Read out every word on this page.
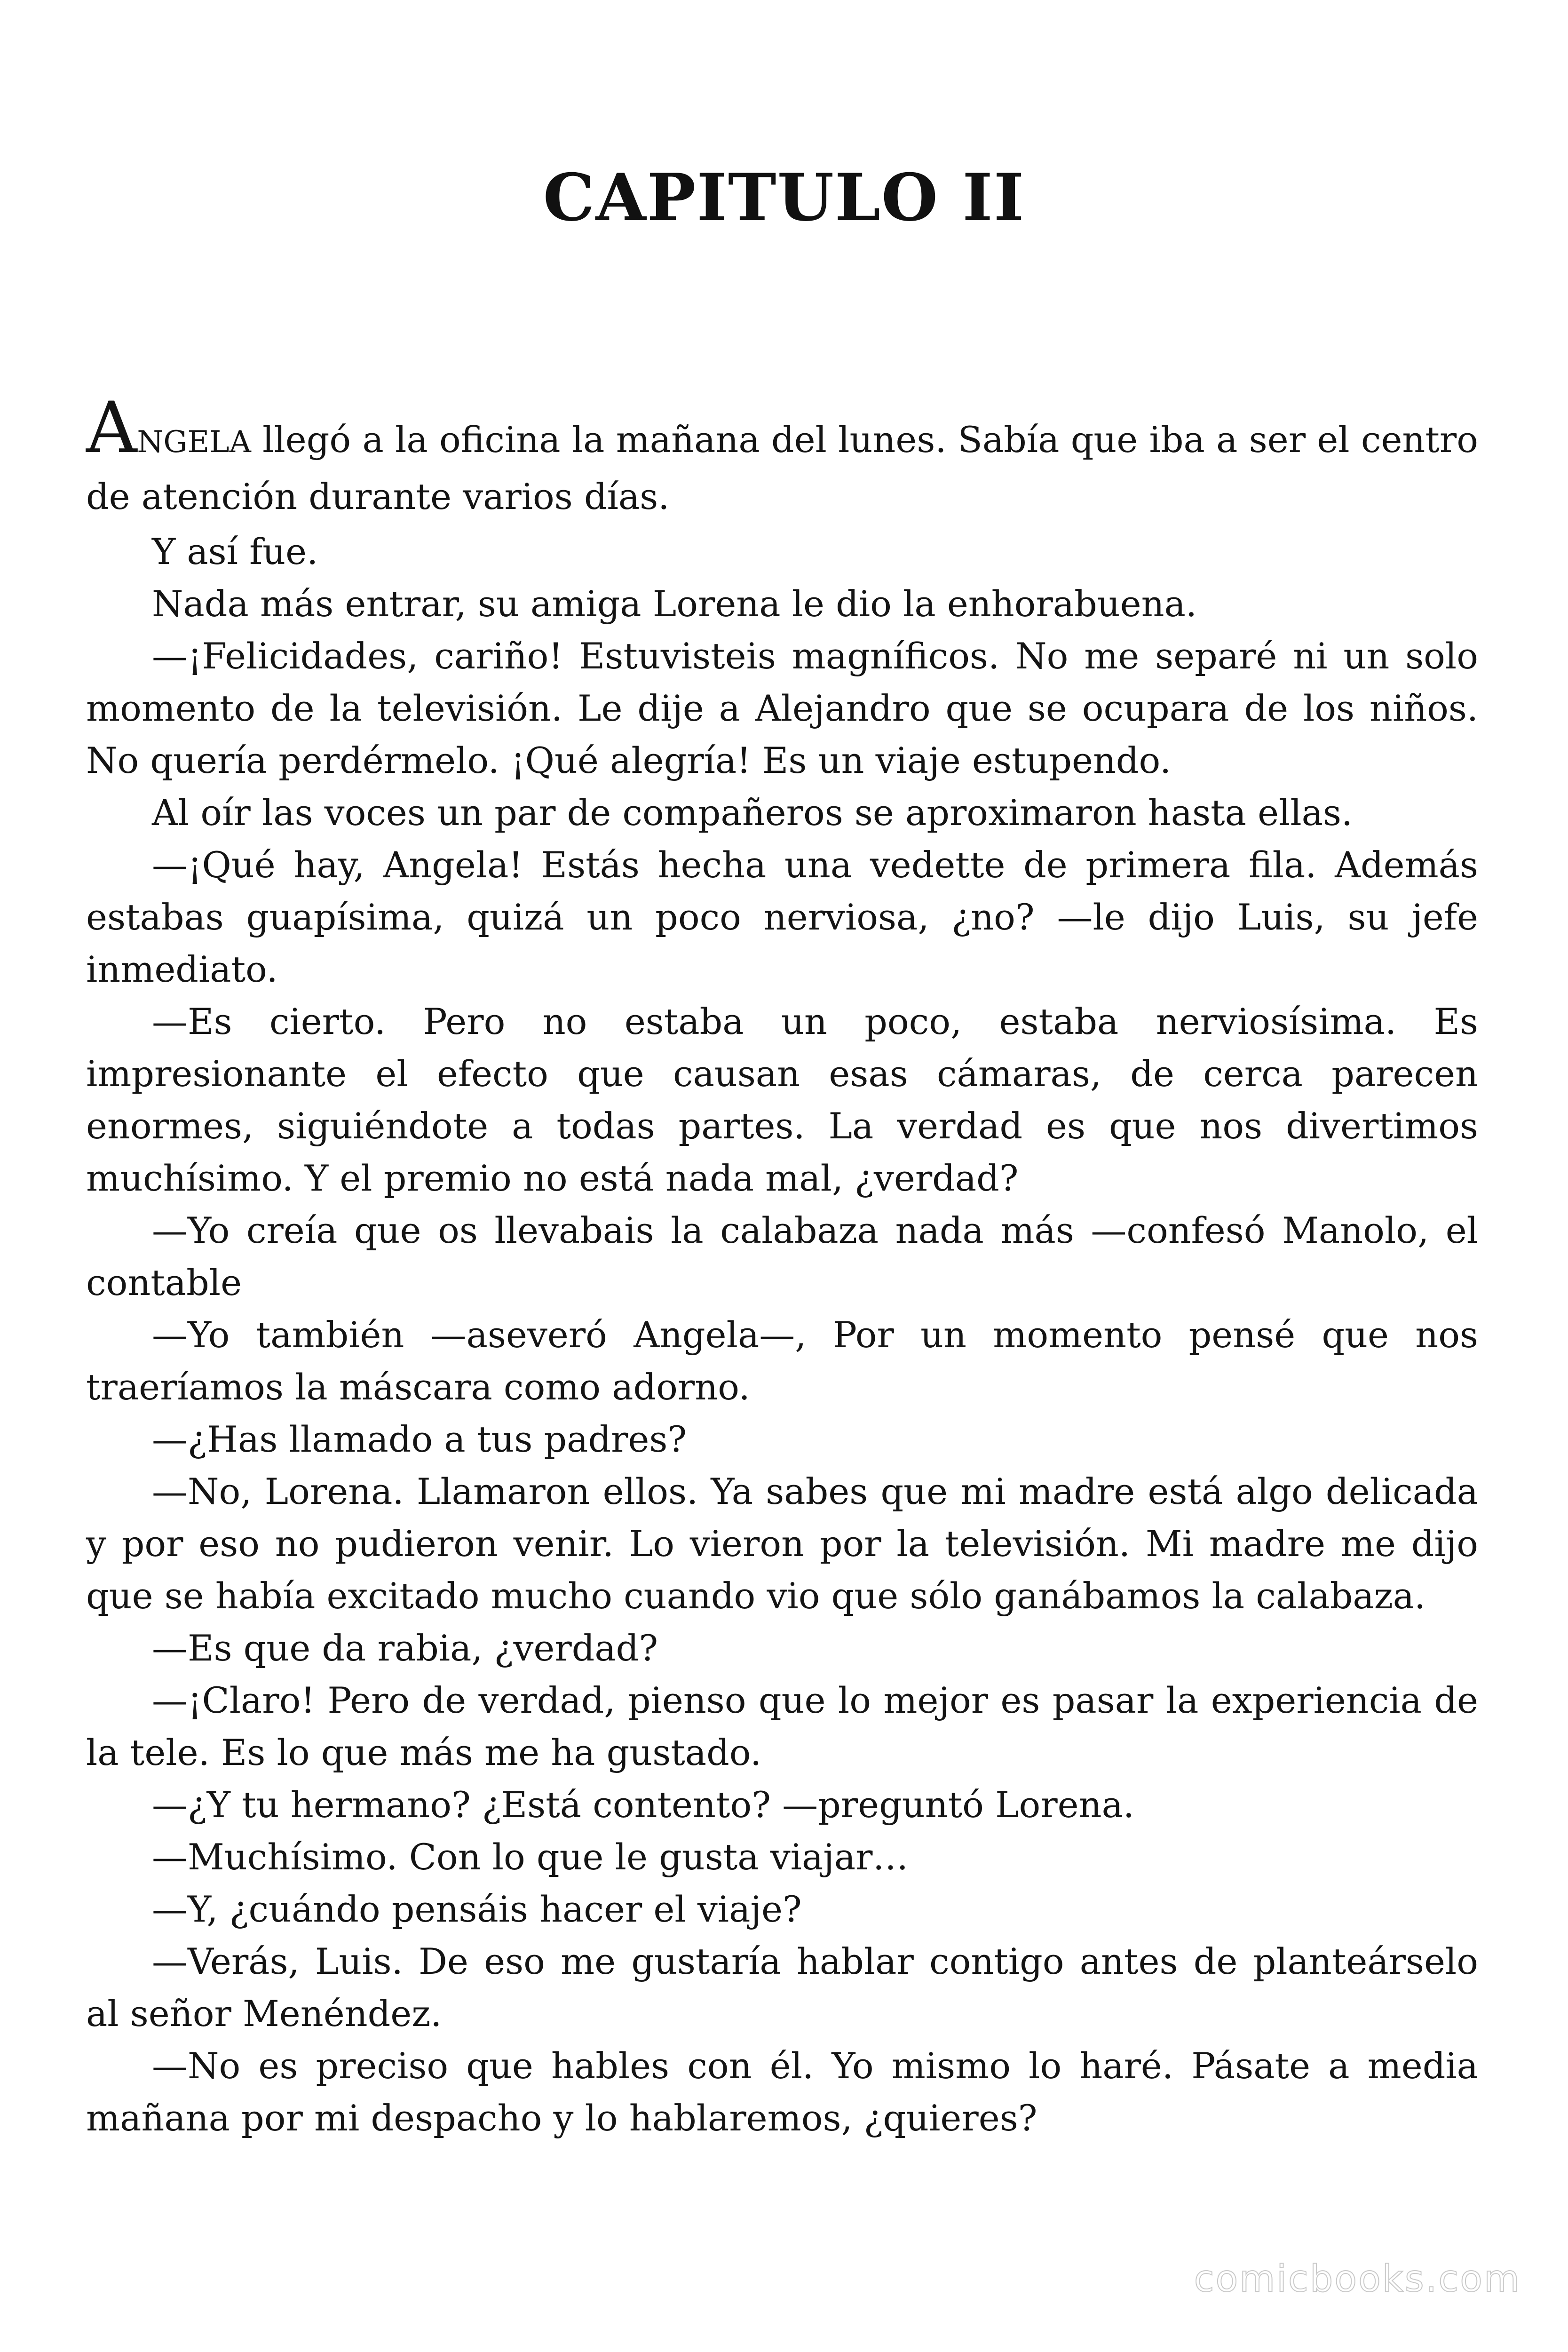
CAPITULO II

ANGELA llegó a la oficina la mañana del lunes. Sabía que iba a ser el centro de atención durante varios días.

Y así fue.

Nada más entrar, su amiga Lorena le dio la enhorabuena.

—¡Felicidades, cariño! Estuvisteis magníficos. No me separé ni un solo momento de la televisión. Le dije a Alejandro que se ocupara de los niños. No quería perdérmelo. ¡Qué alegría! Es un viaje estupendo.

Al oír las voces un par de compañeros se aproximaron hasta ellas.

—¡Qué hay, Angela! Estás hecha una vedette de primera fila. Además estabas guapísima, quizá un poco nerviosa, ¿no? —le dijo Luis, su jefe inmediato.

—Es cierto. Pero no estaba un poco, estaba nerviosísima. Es impresionante el efecto que causan esas cámaras, de cerca parecen enormes, siguiéndote a todas partes. La verdad es que nos divertimos muchísimo. Y el premio no está nada mal, ¿verdad?

—Yo creía que os llevabais la calabaza nada más —confesó Manolo, el contable

—Yo también —aseveró Angela—, Por un momento pensé que nos traeríamos la máscara como adorno.

—¿Has llamado a tus padres?

—No, Lorena. Llamaron ellos. Ya sabes que mi madre está algo delicada y por eso no pudieron venir. Lo vieron por la televisión. Mi madre me dijo que se había excitado mucho cuando vio que sólo ganábamos la calabaza.

—Es que da rabia, ¿verdad?

—¡Claro! Pero de verdad, pienso que lo mejor es pasar la experiencia de la tele. Es lo que más me ha gustado.

—¿Y tu hermano? ¿Está contento? —preguntó Lorena.

—Muchísimo. Con lo que le gusta viajar…

—Y, ¿cuándo pensáis hacer el viaje?

—Verás, Luis. De eso me gustaría hablar contigo antes de planteárselo al señor Menéndez.

—No es preciso que hables con él. Yo mismo lo haré. Pásate a media mañana por mi despacho y lo hablaremos, ¿quieres?

comicbooks.com
